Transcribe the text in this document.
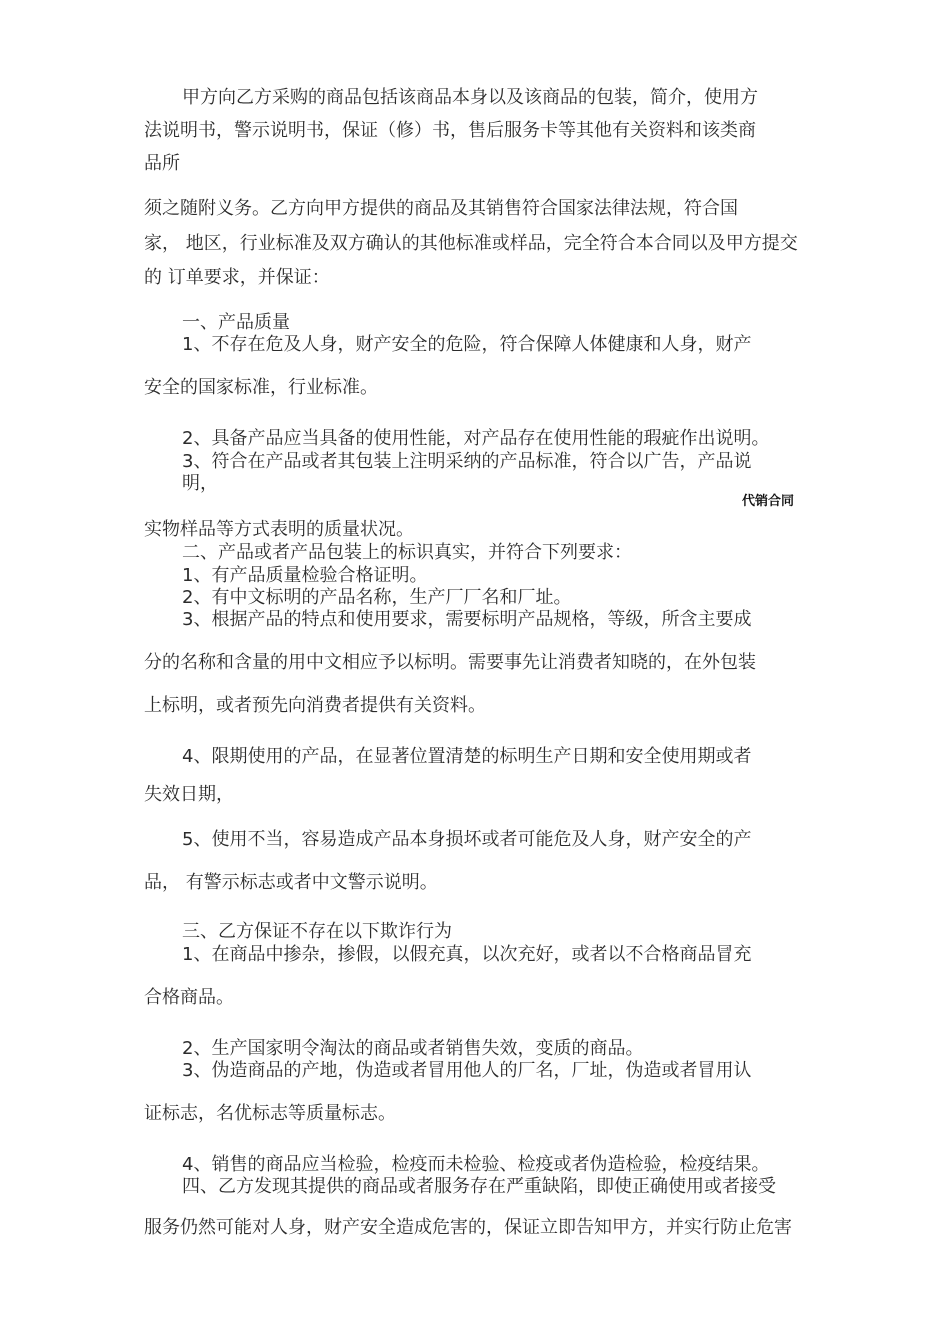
甲方向乙方采购的商品包括该商品本身以及该商品的包装，简介，使用方
法说明书，警示说明书，保证（修）书，售后服务卡等其他有关资料和该类商
品所
须之随附义务。乙方向甲方提供的商品及其销售符合国家法律法规，符合国
家， 地区，行业标准及双方确认的其他标准或样品，完全符合本合同以及甲方提交
的 订单要求，并保证：
一、产品质量
1、不存在危及人身，财产安全的危险，符合保障人体健康和人身，财产
安全的国家标准，行业标准。
2、具备产品应当具备的使用性能，对产品存在使用性能的瑕疵作出说明。
3、符合在产品或者其包装上注明采纳的产品标准，符合以广告，产品说
明，
代销合同
实物样品等方式表明的质量状况。
二、产品或者产品包装上的标识真实，并符合下列要求：
1、有产品质量检验合格证明。
2、有中文标明的产品名称，生产厂厂名和厂址。
3、根据产品的特点和使用要求，需要标明产品规格，等级，所含主要成
分的名称和含量的用中文相应予以标明。需要事先让消费者知晓的，在外包装
上标明，或者预先向消费者提供有关资料。
4、限期使用的产品，在显著位置清楚的标明生产日期和安全使用期或者
失效日期，
5、使用不当，容易造成产品本身损坏或者可能危及人身，财产安全的产
品， 有警示标志或者中文警示说明。
三、乙方保证不存在以下欺诈行为
1、在商品中掺杂，掺假，以假充真，以次充好，或者以不合格商品冒充
合格商品。
2、生产国家明令淘汰的商品或者销售失效，变质的商品。
3、伪造商品的产地，伪造或者冒用他人的厂名，厂址，伪造或者冒用认
证标志，名优标志等质量标志。
4、销售的商品应当检验，检疫而未检验、检疫或者伪造检验，检疫结果。
四、乙方发现其提供的商品或者服务存在严重缺陷，即使正确使用或者接受
服务仍然可能对人身，财产安全造成危害的，保证立即告知甲方，并实行防止危害
